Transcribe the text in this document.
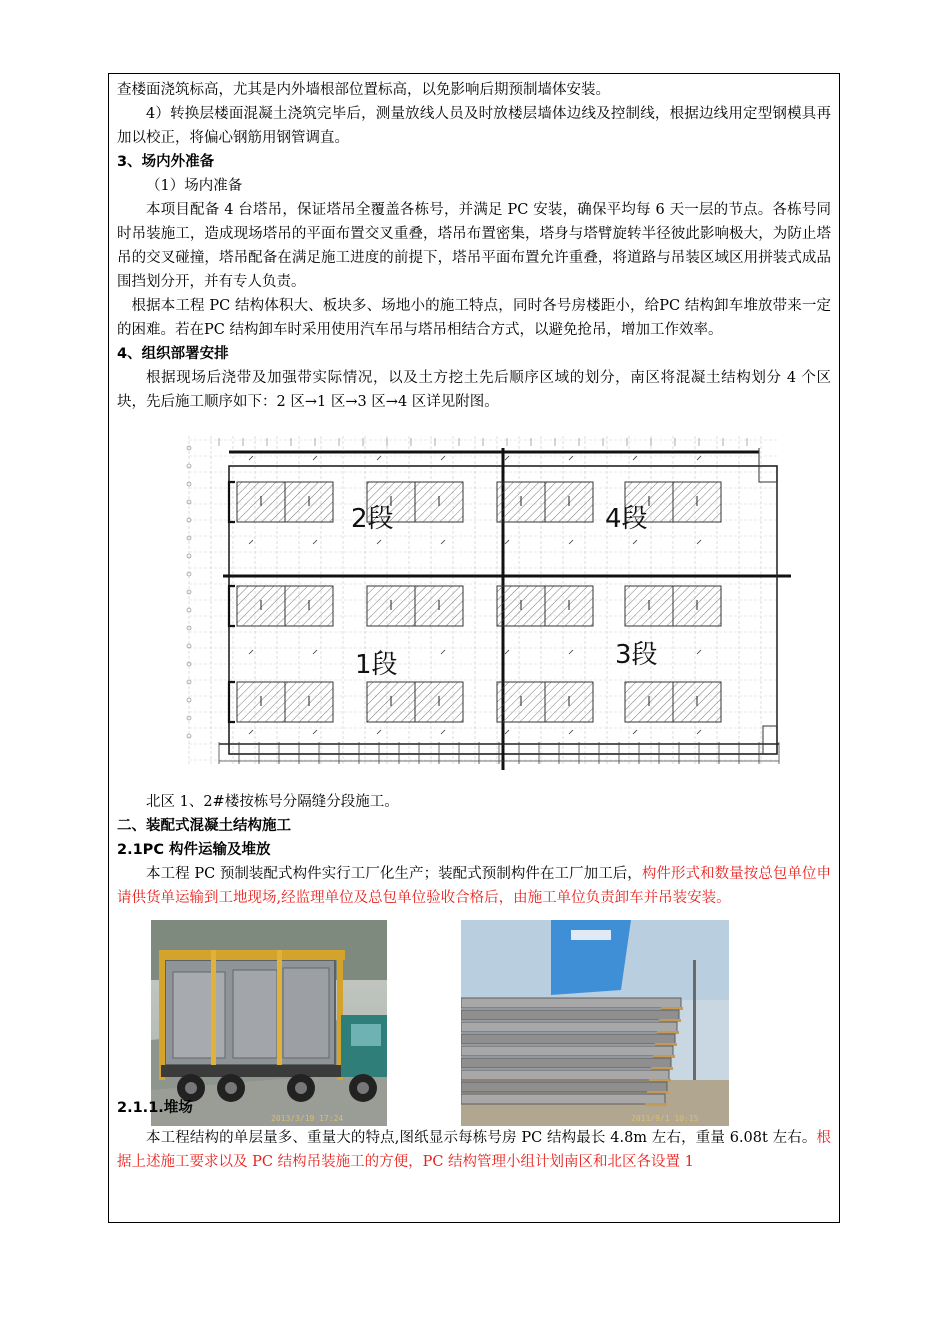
查楼面浇筑标高，尤其是内外墙根部位置标高，以免影响后期预制墙体安装。

4）转换层楼面混凝土浇筑完毕后，测量放线人员及时放楼层墙体边线及控制线，根据边线用定型钢模具再加以校正，将偏心钢筋用钢管调直。

3、场内外准备

（1）场内准备

本项目配备 4 台塔吊，保证塔吊全覆盖各栋号，并满足 PC 安装，确保平均每 6 天一层的节点。各栋号同时吊装施工，造成现场塔吊的平面布置交叉重叠，塔吊布置密集，塔身与塔臂旋转半径彼此影响极大，为防止塔吊的交叉碰撞，塔吊配备在满足施工进度的前提下，塔吊平面布置允许重叠，将道路与吊装区域区用拼装式成品围挡划分开，并有专人负责。

根据本工程 PC 结构体积大、板块多、场地小的施工特点，同时各号房楼距小，给PC 结构卸车堆放带来一定的困难。若在PC 结构卸车时采用使用汽车吊与塔吊相结合方式，以避免抢吊，增加工作效率。

4、组织部署安排

根据现场后浇带及加强带实际情况，以及土方挖土先后顺序区域的划分，南区将混凝土结构划分 4 个区块，先后施工顺序如下：2 区→1 区→3 区→4 区详见附图。

2段	4段
1段	3段

北区 1、2#楼按栋号分隔缝分段施工。

二、装配式混凝土结构施工

2.1PC 构件运输及堆放

本工程 PC 预制装配式构件实行工厂化生产；装配式预制构件在工厂加工后，构件形式和数量按总包单位申请供货单运输到工地现场,经监理单位及总包单位验收合格后，由施工单位负责卸车并吊装安装。

2013/3/19 17:24	2011/9/1 10:15
2.1.1.堆场

本工程结构的单层量多、重量大的特点,图纸显示每栋号房 PC 结构最长 4.8m 左右，重量 6.08t 左右。根据上述施工要求以及 PC 结构吊装施工的方便，PC 结构管理小组计划南区和北区各设置 1
